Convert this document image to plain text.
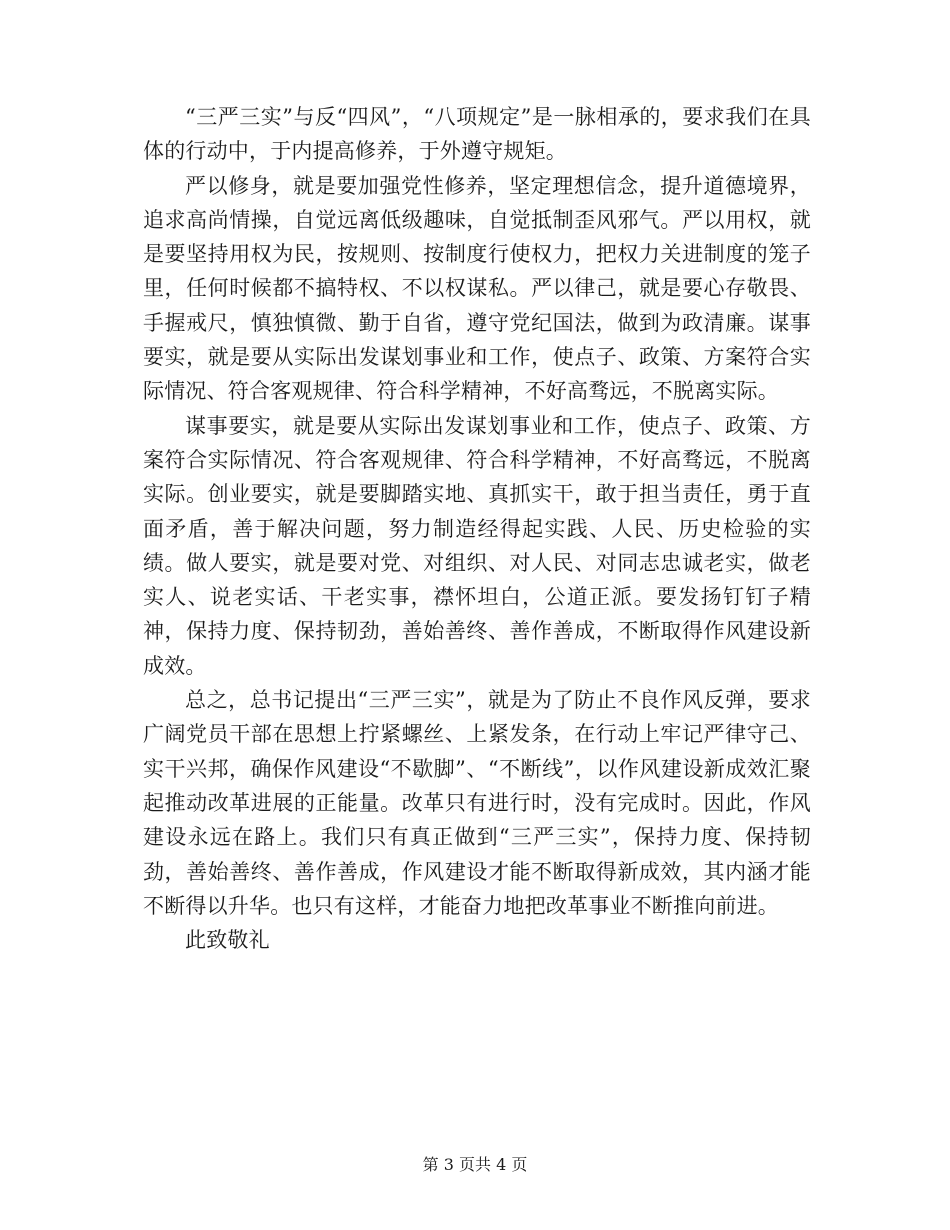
“三严三实”与反“四风”，“八项规定”是一脉相承的，要求我们在具体的行动中，于内提高修养，于外遵守规矩。

严以修身，就是要加强党性修养，坚定理想信念，提升道德境界，追求高尚情操，自觉远离低级趣味，自觉抵制歪风邪气。严以用权，就是要坚持用权为民，按规则、按制度行使权力，把权力关进制度的笼子里，任何时候都不搞特权、不以权谋私。严以律己，就是要心存敬畏、手握戒尺，慎独慎微、勤于自省，遵守党纪国法，做到为政清廉。谋事要实，就是要从实际出发谋划事业和工作，使点子、政策、方案符合实际情况、符合客观规律、符合科学精神，不好高骛远，不脱离实际。

谋事要实，就是要从实际出发谋划事业和工作，使点子、政策、方案符合实际情况、符合客观规律、符合科学精神，不好高骛远，不脱离实际。创业要实，就是要脚踏实地、真抓实干，敢于担当责任，勇于直面矛盾，善于解决问题，努力制造经得起实践、人民、历史检验的实绩。做人要实，就是要对党、对组织、对人民、对同志忠诚老实，做老实人、说老实话、干老实事，襟怀坦白，公道正派。要发扬钉钉子精神，保持力度、保持韧劲，善始善终、善作善成，不断取得作风建设新成效。

总之，总书记提出“三严三实”，就是为了防止不良作风反弹，要求广阔党员干部在思想上拧紧螺丝、上紧发条，在行动上牢记严律守己、实干兴邦，确保作风建设“不歇脚”、“不断线”，以作风建设新成效汇聚起推动改革进展的正能量。改革只有进行时，没有完成时。因此，作风建设永远在路上。我们只有真正做到“三严三实”，保持力度、保持韧劲，善始善终、善作善成，作风建设才能不断取得新成效，其内涵才能不断得以升华。也只有这样，才能奋力地把改革事业不断推向前进。

此致敬礼

第 3 页共 4 页
